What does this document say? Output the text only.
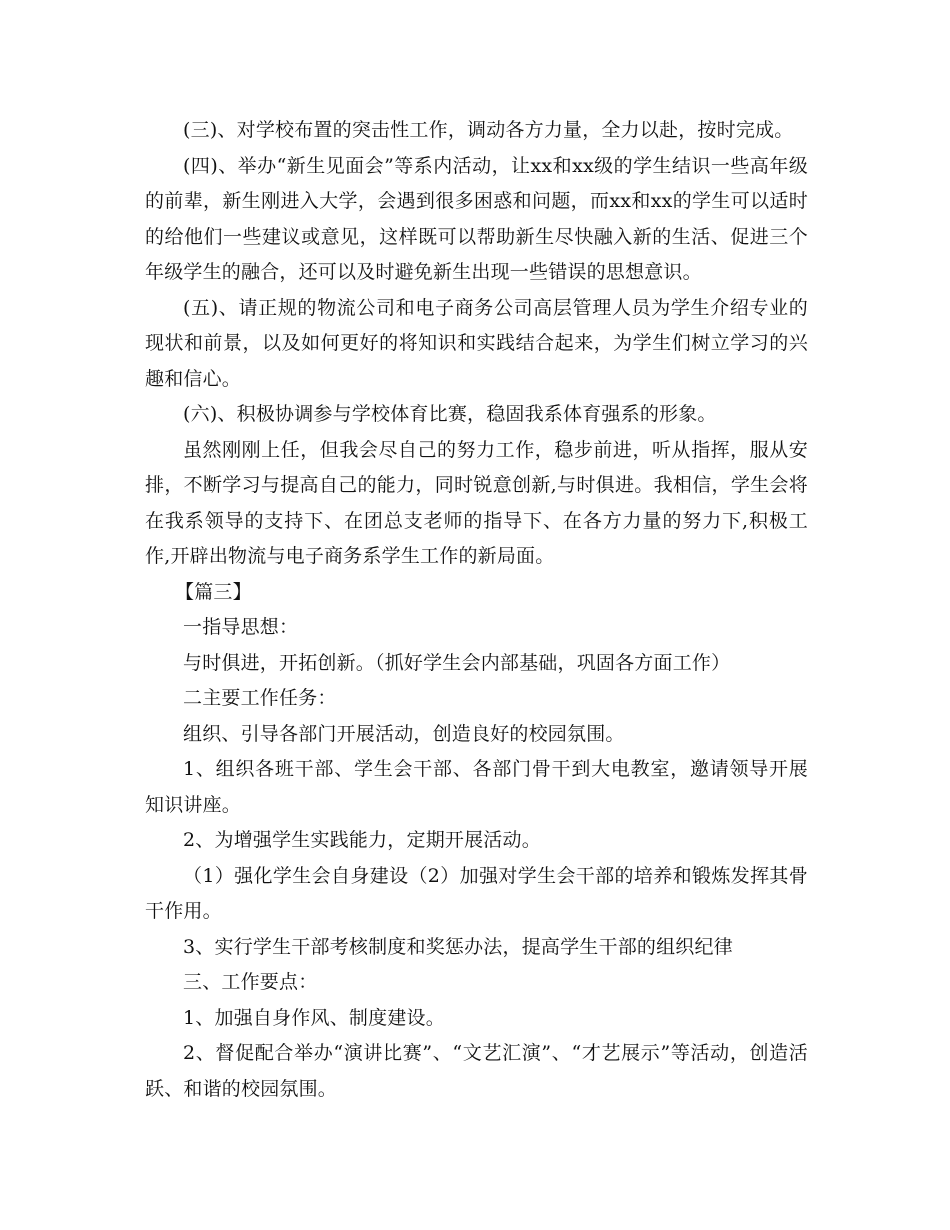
(三)、对学校布置的突击性工作，调动各方力量，全力以赴，按时完成。

(四)、举办“新生见面会”等系内活动，让xx和xx级的学生结识一些高年级的前辈，新生刚进入大学，会遇到很多困惑和问题，而xx和xx的学生可以适时的给他们一些建议或意见，这样既可以帮助新生尽快融入新的生活、促进三个年级学生的融合，还可以及时避免新生出现一些错误的思想意识。

(五)、请正规的物流公司和电子商务公司高层管理人员为学生介绍专业的现状和前景，以及如何更好的将知识和实践结合起来，为学生们树立学习的兴趣和信心。

(六)、积极协调参与学校体育比赛，稳固我系体育强系的形象。

虽然刚刚上任，但我会尽自己的努力工作，稳步前进，听从指挥，服从安排，不断学习与提高自己的能力，同时锐意创新,与时俱进。我相信，学生会将在我系领导的支持下、在团总支老师的指导下、在各方力量的努力下,积极工作,开辟出物流与电子商务系学生工作的新局面。

【篇三】

一指导思想：

与时俱进，开拓创新。（抓好学生会内部基础，巩固各方面工作）

二主要工作任务：

组织、引导各部门开展活动，创造良好的校园氛围。

1、组织各班干部、学生会干部、各部门骨干到大电教室，邀请领导开展知识讲座。

2、为增强学生实践能力，定期开展活动。

（1）强化学生会自身建设（2）加强对学生会干部的培养和锻炼发挥其骨干作用。

3、实行学生干部考核制度和奖惩办法，提高学生干部的组织纪律

三、工作要点：

1、加强自身作风、制度建设。

2、督促配合举办“演讲比赛”、“文艺汇演”、“才艺展示”等活动，创造活跃、和谐的校园氛围。
